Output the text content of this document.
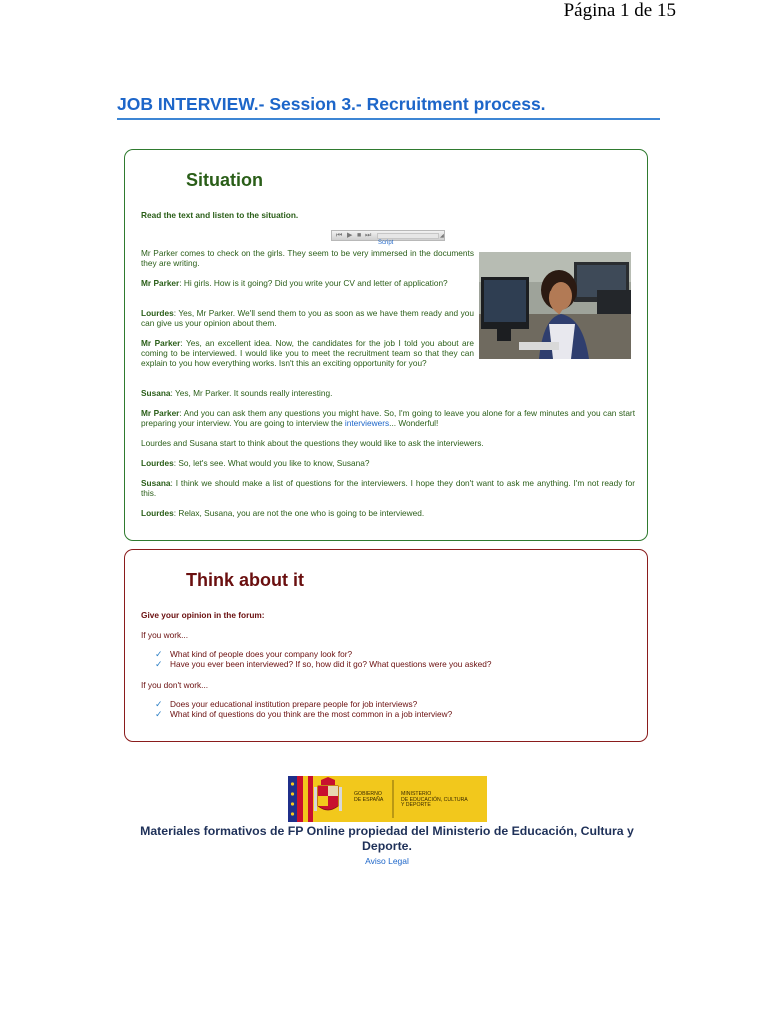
Página 1 de 15
JOB INTERVIEW.- Session 3.- Recruitment process.
Situation
Read the text and listen to the situation.
⏮ ▶ ■ ⏭	◢
Script

Mr Parker comes to check on the girls. They seem to be very immersed in the documents they are writing.

Mr Parker: Hi girls. How is it going? Did you write your CV and letter of application?

Lourdes: Yes, Mr Parker. We'll send them to you as soon as we have them ready and you can give us your opinion about them.

Mr Parker: Yes, an excellent idea. Now, the candidates for the job I told you about are coming to be interviewed. I would like you to meet the recruitment team so that they can explain to you how everything works. Isn't this an exciting opportunity for you?

Susana: Yes, Mr Parker. It sounds really interesting.

Mr Parker: And you can ask them any questions you might have. So, I'm going to leave you alone for a few minutes and you can start preparing your interview. You are going to interview the interviewers... Wonderful!

Lourdes and Susana start to think about the questions they would like to ask the interviewers.

Lourdes: So, let's see. What would you like to know, Susana?

Susana: I think we should make a list of questions for the interviewers. I hope they don't want to ask me anything. I'm not ready for this.

Lourdes: Relax, Susana, you are not the one who is going to be interviewed.

Think about it
Give your opinion in the forum:

If you work...

✓ What kind of people does your company look for?
✓ Have you ever been interviewed? If so, how did it go? What questions were you asked?

If you don't work...

✓ Does your educational institution prepare people for job interviews?
✓ What kind of questions do you think are the most common in a job interview?
GOBIERNO
DE ESPAÑA
MINISTERIO
DE EDUCACIÓN, CULTURA
Y DEPORTE
Materiales formativos de FP Online propiedad del Ministerio de Educación, Cultura y Deporte.
Aviso Legal
